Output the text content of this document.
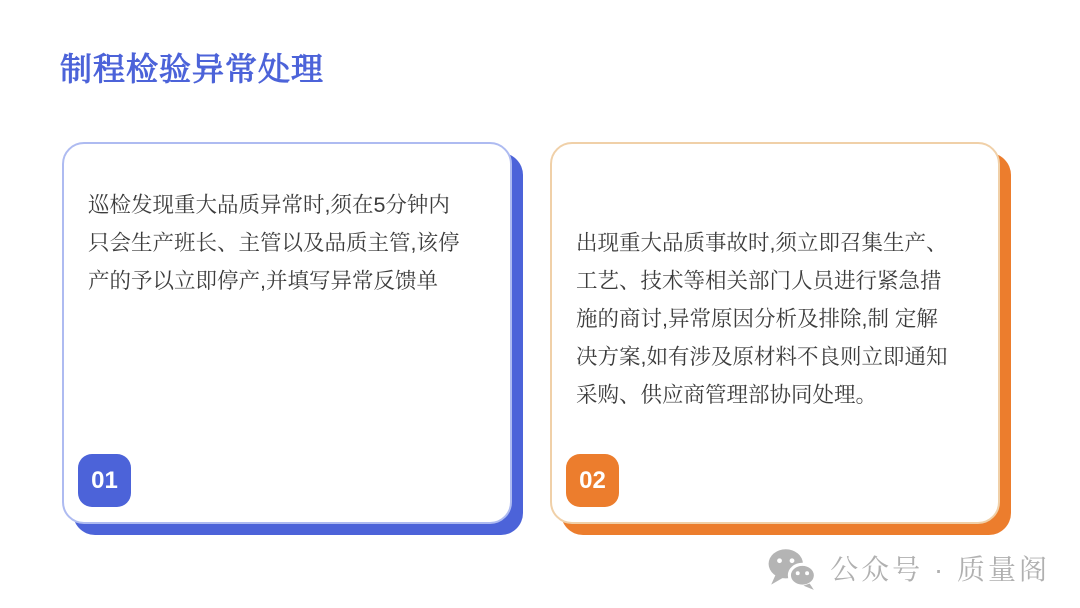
制程检验异常处理
巡检发现重大品质异常时,须在5分钟内
只会生产班长、主管以及品质主管,该停
产的予以立即停产,并填写异常反馈单
01
出现重大品质事故时,须立即召集生产、
工艺、技术等相关部门人员进行紧急措
施的商讨,异常原因分析及排除,制 定解
决方案,如有涉及原材料不良则立即通知
采购、供应商管理部协同处理。
02
公众号 · 质量阁
